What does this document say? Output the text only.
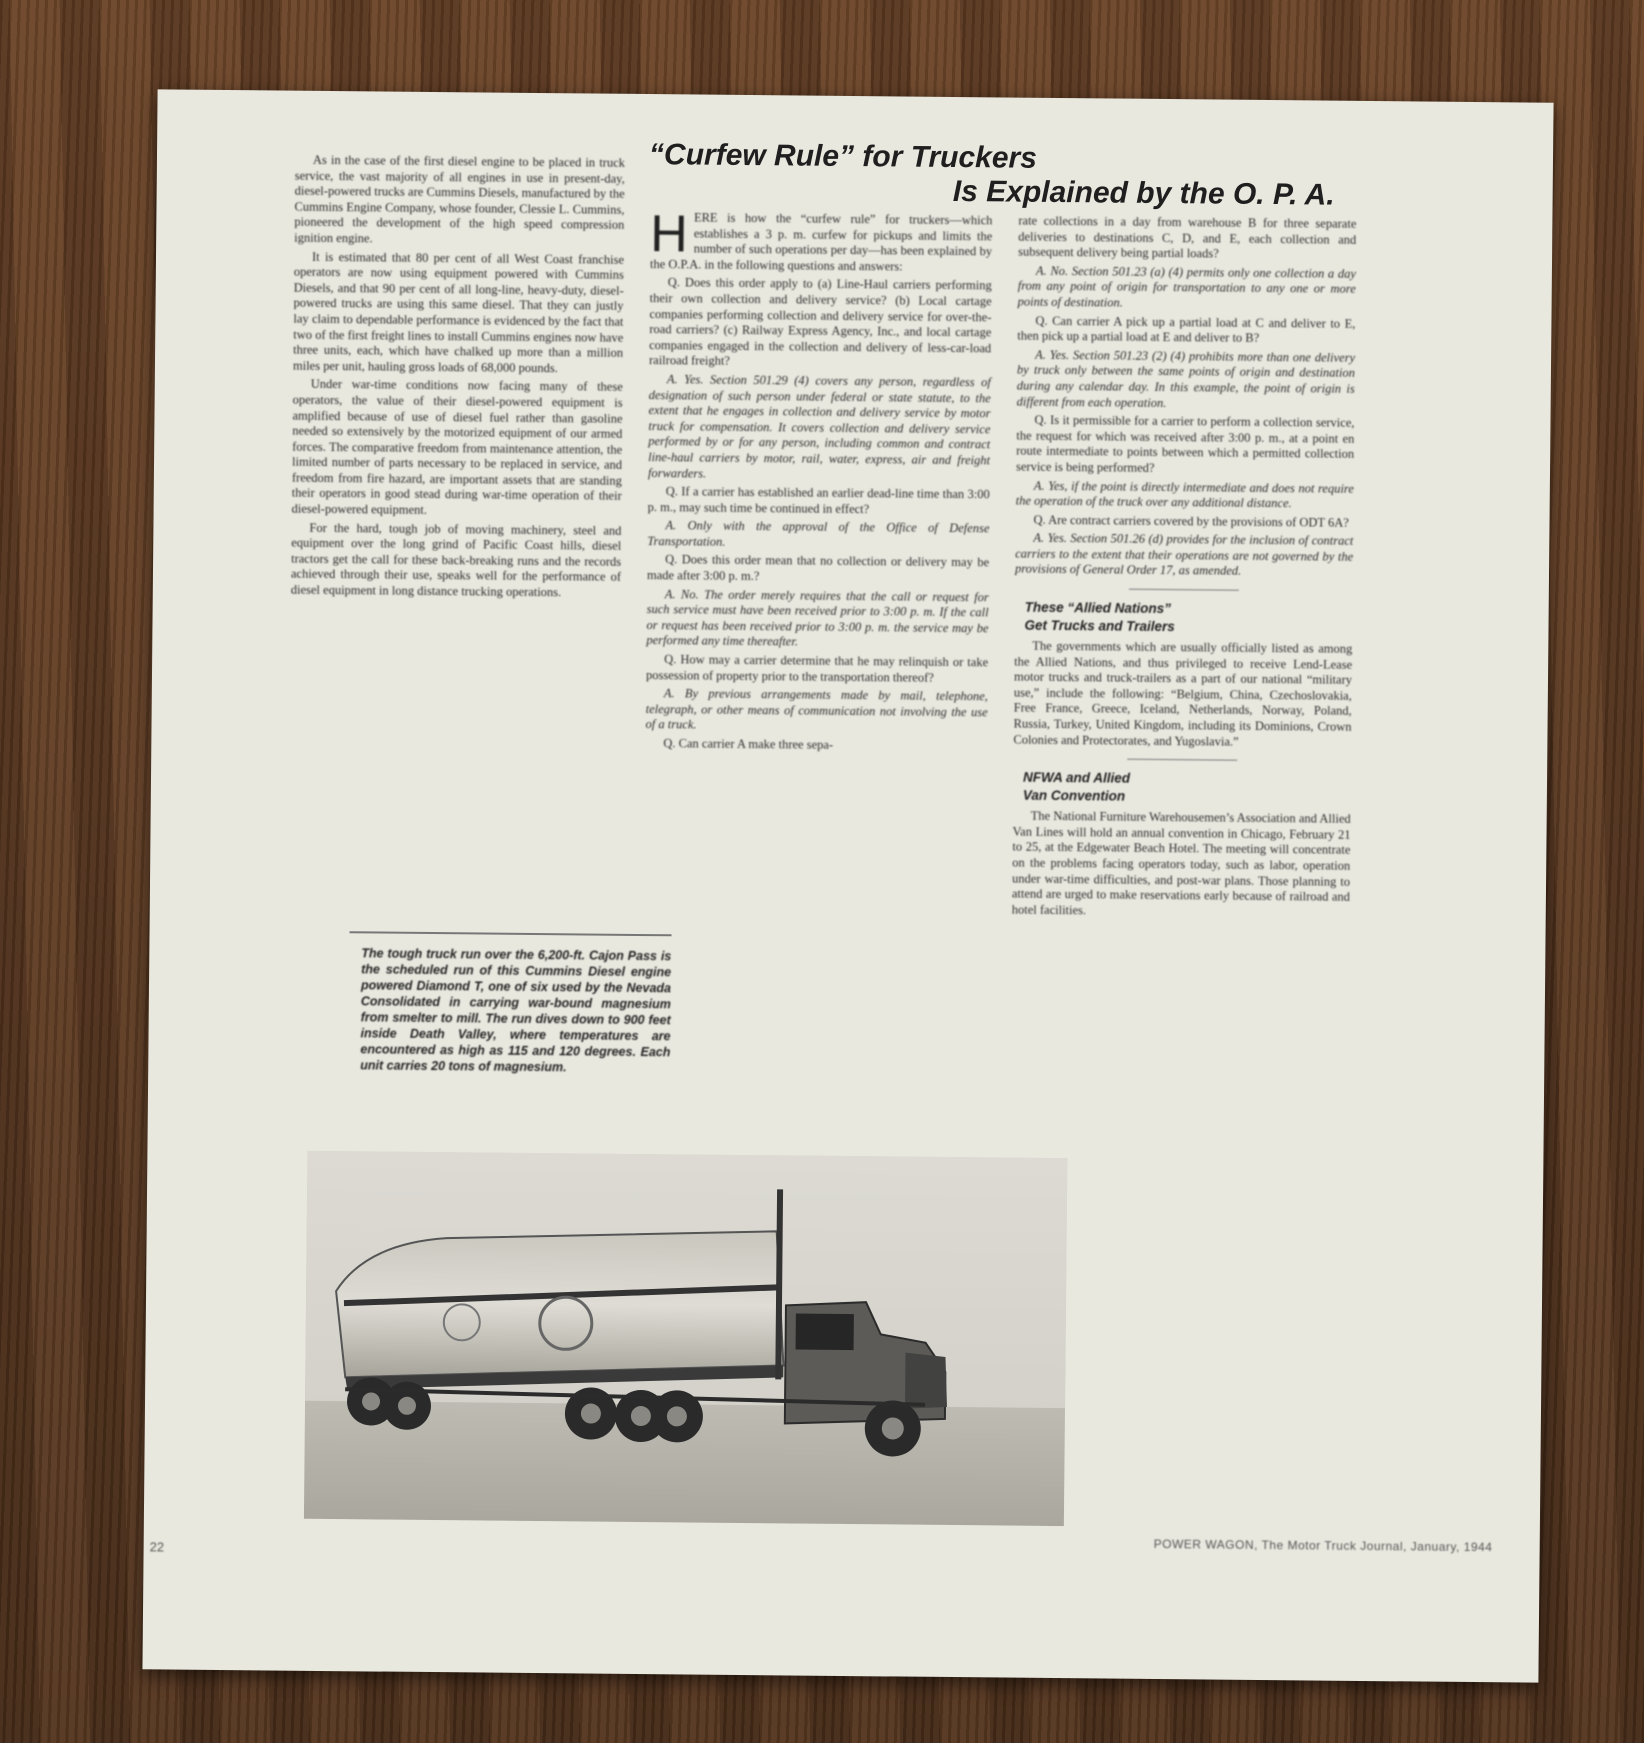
As in the case of the first diesel engine to be placed in truck service, the vast majority of all engines in use in present-day, diesel-powered trucks are Cummins Diesels, manufactured by the Cummins Engine Company, whose founder, Clessie L. Cummins, pioneered the development of the high speed compression ignition engine.

It is estimated that 80 per cent of all West Coast franchise operators are now using equipment powered with Cummins Diesels, and that 90 per cent of all long-line, heavy-duty, diesel-powered trucks are using this same diesel. That they can justly lay claim to dependable performance is evidenced by the fact that two of the first freight lines to install Cummins engines now have three units, each, which have chalked up more than a million miles per unit, hauling gross loads of 68,000 pounds.

Under war-time conditions now facing many of these operators, the value of their diesel-powered equipment is amplified because of use of diesel fuel rather than gasoline needed so extensively by the motorized equipment of our armed forces. The comparative freedom from maintenance attention, the limited number of parts necessary to be replaced in service, and freedom from fire hazard, are important assets that are standing their operators in good stead during war-time operation of their diesel-powered equipment.

For the hard, tough job of moving machinery, steel and equipment over the long grind of Pacific Coast hills, diesel tractors get the call for these back-breaking runs and the records achieved through their use, speaks well for the performance of diesel equipment in long distance trucking operations.

“Curfew Rule” for Truckers
Is Explained by the O. P. A.

HERE is how the “curfew rule” for truckers—which establishes a 3 p. m. curfew for pickups and limits the number of such operations per day—has been explained by the O.P.A. in the following questions and answers:

Q. Does this order apply to (a) Line-Haul carriers performing their own collection and delivery service? (b) Local cartage companies performing collection and delivery service for over-the-road carriers? (c) Railway Express Agency, Inc., and local cartage companies engaged in the collection and delivery of less-car-load railroad freight?

A. Yes. Section 501.29 (4) covers any person, regardless of designation of such person under federal or state statute, to the extent that he engages in collection and delivery service by motor truck for compensation. It covers collection and delivery service performed by or for any person, including common and contract line-haul carriers by motor, rail, water, express, air and freight forwarders.

Q. If a carrier has established an earlier dead-line time than 3:00 p. m., may such time be continued in effect?

A. Only with the approval of the Office of Defense Transportation.

Q. Does this order mean that no collection or delivery may be made after 3:00 p. m.?

A. No. The order merely requires that the call or request for such service must have been received prior to 3:00 p. m. If the call or request has been received prior to 3:00 p. m. the service may be performed any time thereafter.

Q. How may a carrier determine that he may relinquish or take possession of property prior to the transportation thereof?

A. By previous arrangements made by mail, telephone, telegraph, or other means of communication not involving the use of a truck.

Q. Can carrier A make three sepa-

rate collections in a day from warehouse B for three separate deliveries to destinations C, D, and E, each collection and subsequent delivery being partial loads?

A. No. Section 501.23 (a) (4) permits only one collection a day from any point of origin for transportation to any one or more points of destination.

Q. Can carrier A pick up a partial load at C and deliver to E, then pick up a partial load at E and deliver to B?

A. Yes. Section 501.23 (2) (4) prohibits more than one delivery by truck only between the same points of origin and destination during any calendar day. In this example, the point of origin is different from each operation.

Q. Is it permissible for a carrier to perform a collection service, the request for which was received after 3:00 p. m., at a point en route intermediate to points between which a permitted collection service is being performed?

A. Yes, if the point is directly intermediate and does not require the operation of the truck over any additional distance.

Q. Are contract carriers covered by the provisions of ODT 6A?

A. Yes. Section 501.26 (d) provides for the inclusion of contract carriers to the extent that their operations are not governed by the provisions of General Order 17, as amended.

These “Allied Nations”
Get Trucks and Trailers

The governments which are usually officially listed as among the Allied Nations, and thus privileged to receive Lend-Lease motor trucks and truck-trailers as a part of our national “military use,” include the following: “Belgium, China, Czechoslovakia, Free France, Greece, Iceland, Netherlands, Norway, Poland, Russia, Turkey, United Kingdom, including its Dominions, Crown Colonies and Protectorates, and Yugoslavia.”

NFWA and Allied
Van Convention

The National Furniture Warehousemen’s Association and Allied Van Lines will hold an annual convention in Chicago, February 21 to 25, at the Edgewater Beach Hotel. The meeting will concentrate on the problems facing operators today, such as labor, operation under war-time difficulties, and post-war plans. Those planning to attend are urged to make reservations early because of railroad and hotel facilities.

The tough truck run over the 6,200-ft. Cajon Pass is the scheduled run of this Cummins Diesel engine powered Diamond T, one of six used by the Nevada Consolidated in carrying war-bound magnesium from smelter to mill. The run dives down to 900 feet inside Death Valley, where temperatures are encountered as high as 115 and 120 degrees. Each unit carries 20 tons of magnesium.
POWER WAGON, The Motor Truck Journal, January, 1944
22
